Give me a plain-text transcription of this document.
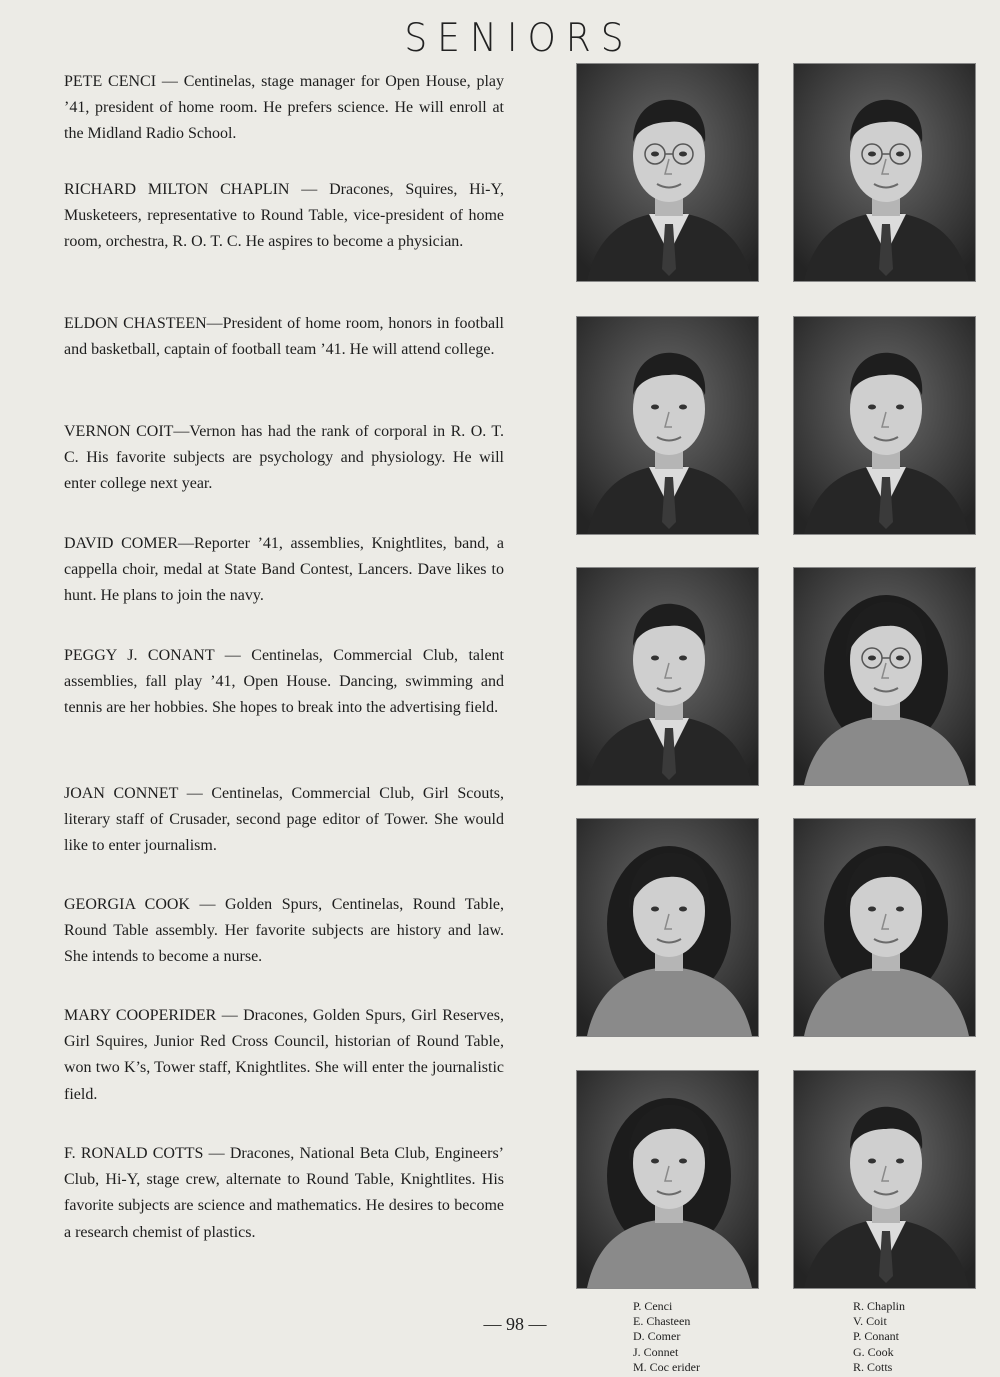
SENIORS
PETE CENCI — Centinelas, stage manager for Open House, play ’41, president of home room. He prefers science. He will enroll at the Midland Radio School.
RICHARD MILTON CHAPLIN — Dracones, Squires, Hi-Y, Musketeers, representative to Round Table, vice-president of home room, orchestra, R. O. T. C. He aspires to become a physician.
ELDON CHASTEEN—President of home room, honors in football and basketball, captain of football team ’41. He will attend college.
VERNON COIT—Vernon has had the rank of corporal in R. O. T. C. His favorite subjects are psychology and physiology. He will enter college next year.
DAVID COMER—Reporter ’41, assemblies, Knightlites, band, a cappella choir, medal at State Band Contest, Lancers. Dave likes to hunt. He plans to join the navy.
PEGGY J. CONANT — Centinelas, Commercial Club, talent assemblies, fall play ’41, Open House. Dancing, swimming and tennis are her hobbies. She hopes to break into the advertising field.
JOAN CONNET — Centinelas, Commercial Club, Girl Scouts, literary staff of Crusader, second page editor of Tower. She would like to enter journalism.
GEORGIA COOK — Golden Spurs, Centinelas, Round Table, Round Table assembly. Her favorite subjects are history and law. She intends to become a nurse.
MARY COOPERIDER — Dracones, Golden Spurs, Girl Reserves, Girl Squires, Junior Red Cross Council, historian of Round Table, won two K’s, Tower staff, Knightlites. She will enter the journalistic field.
F. RONALD COTTS — Dracones, National Beta Club, Engineers’ Club, Hi-Y, stage crew, alternate to Round Table, Knightlites. His favorite subjects are science and mathematics. He desires to become a research chemist of plastics.
— 98 —
P. Cenci
E. Chasteen
D. Comer
J. Connet
M. Coc erider
R. Chaplin
V. Coit
P. Conant
G. Cook
R. Cotts
